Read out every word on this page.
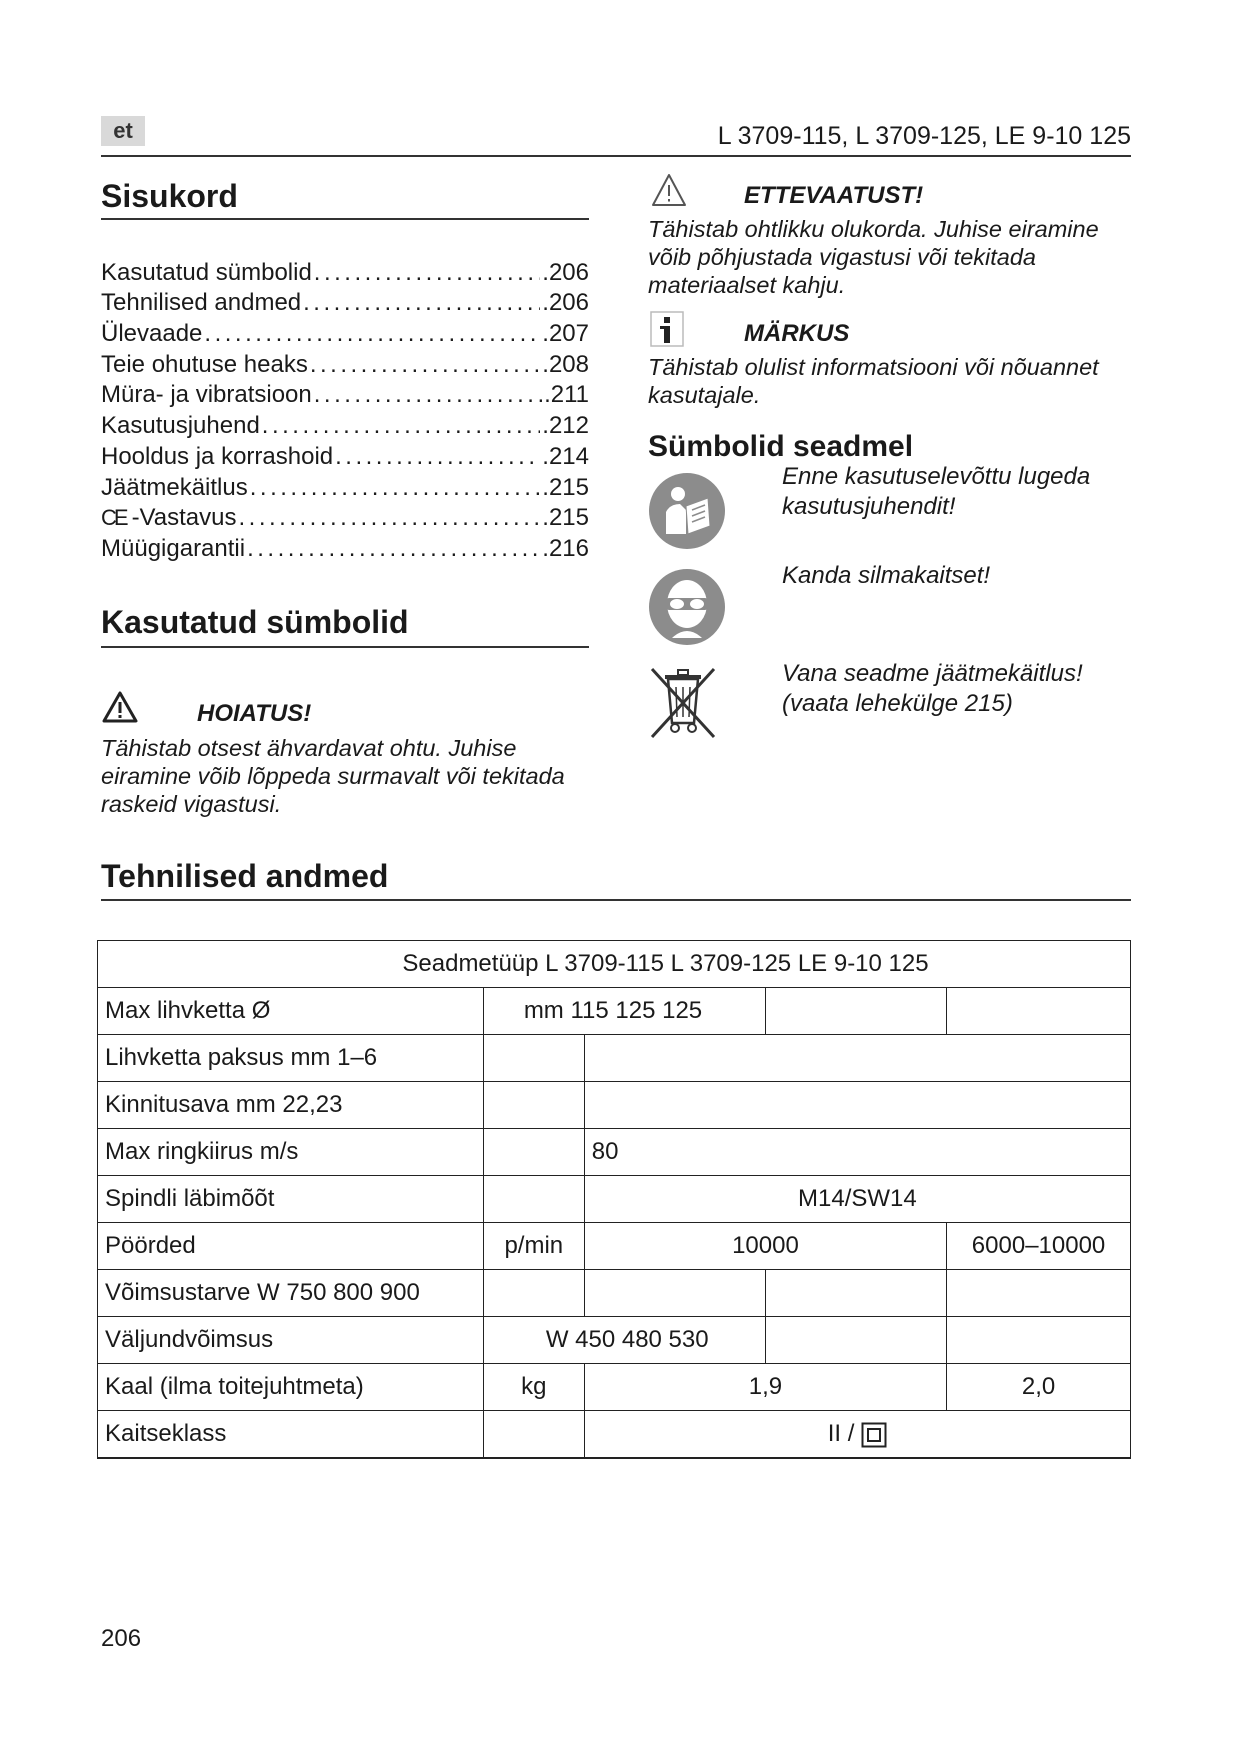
et	L 3709-115, L 3709-125, LE 9-10 125
Sisukord
Kasutatud sümbolid .....	.206
Tehnilised andmed .....	.206
Ülevaade .....	.207
Teie ohutuse heaks .....	.208
Müra- ja vibratsioon .....	.211
Kasutusjuhend .....	.212
Hooldus ja korrashoid .....	.214
Jäätmekäitlus .....	.215
CE -Vastavus .....	.215
Müügigarantii .....	.216
Kasutatud sümbolid
HOIATUS!
Tähistab otsest ähvardavat ohtu. Juhise eiramine võib lõppeda surmavalt või tekitada raskeid vigastusi.
ETTEVAATUST!
Tähistab ohtlikku olukorda. Juhise eiramine võib põhjustada vigastusi või tekitada materiaalset kahju.
MÄRKUS
Tähistab olulist informatsiooni või nõuannet kasutajale.
Sümbolid seadmel
Enne kasutuselevõttu lugeda kasutusjuhendit!
Kanda silmakaitset!
Vana seadme jäätmekäitlus! (vaata lehekülge 215)
Tehnilised andmed
Seadmetüüp L 3709-115 L 3709-125 LE 9-10 125				
Max lihvketta Ø	mm 115 125 125			
Lihvketta paksus mm 1–6				
Kinnitusava mm 22,23				
Max ringkiirus m/s		80		
Spindli läbimõõt		M14/SW14		
Pöörded	p/min	10000		6000–10000
Võimsustarve W 750 800 900				
Väljundvõimsus	W 450 480 530			
Kaal (ilma toitejuhtmeta)	kg	1,9		2,0
Kaitseklass		II /		
206
